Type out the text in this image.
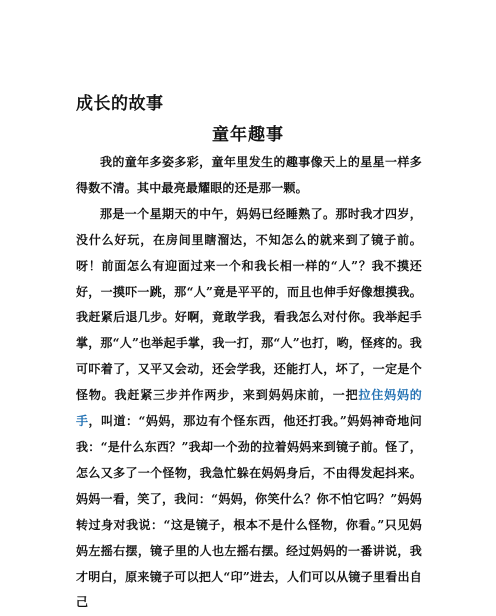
成长的故事
童年趣事

我的童年多姿多彩，童年里发生的趣事像天上的星星一样多得数不清。其中最亮最耀眼的还是那一颗。

那是一个星期天的中午，妈妈已经睡熟了。那时我才四岁，没什么好玩，在房间里瞎溜达，不知怎么的就来到了镜子前。呀！前面怎么有迎面过来一个和我长相一样的“人”？我不摸还好，一摸吓一跳，那“人”竟是平平的，而且也伸手好像想摸我。我赶紧后退几步。好啊，竟敢学我，看我怎么对付你。我举起手掌，那“人”也举起手掌，我一打，那“人”也打，哟，怪疼的。我可吓着了，又平又会动，还会学我，还能打人，坏了，一定是个怪物。我赶紧三步并作两步，来到妈妈床前，一把拉住妈妈的手，叫道：“妈妈，那边有个怪东西，他还打我。”妈妈神奇地问我：“是什么东西？”我却一个劲的拉着妈妈来到镜子前。怪了，怎么又多了一个怪物，我急忙躲在妈妈身后，不由得发起抖来。妈妈一看，笑了，我问：“妈妈，你笑什么？你不怕它吗？”妈妈转过身对我说：“这是镜子，根本不是什么怪物，你看。”只见妈妈左摇右摆，镜子里的人也左摇右摆。经过妈妈的一番讲说，我才明白，原来镜子可以把人“印”进去，人们可以从镜子里看出自己
